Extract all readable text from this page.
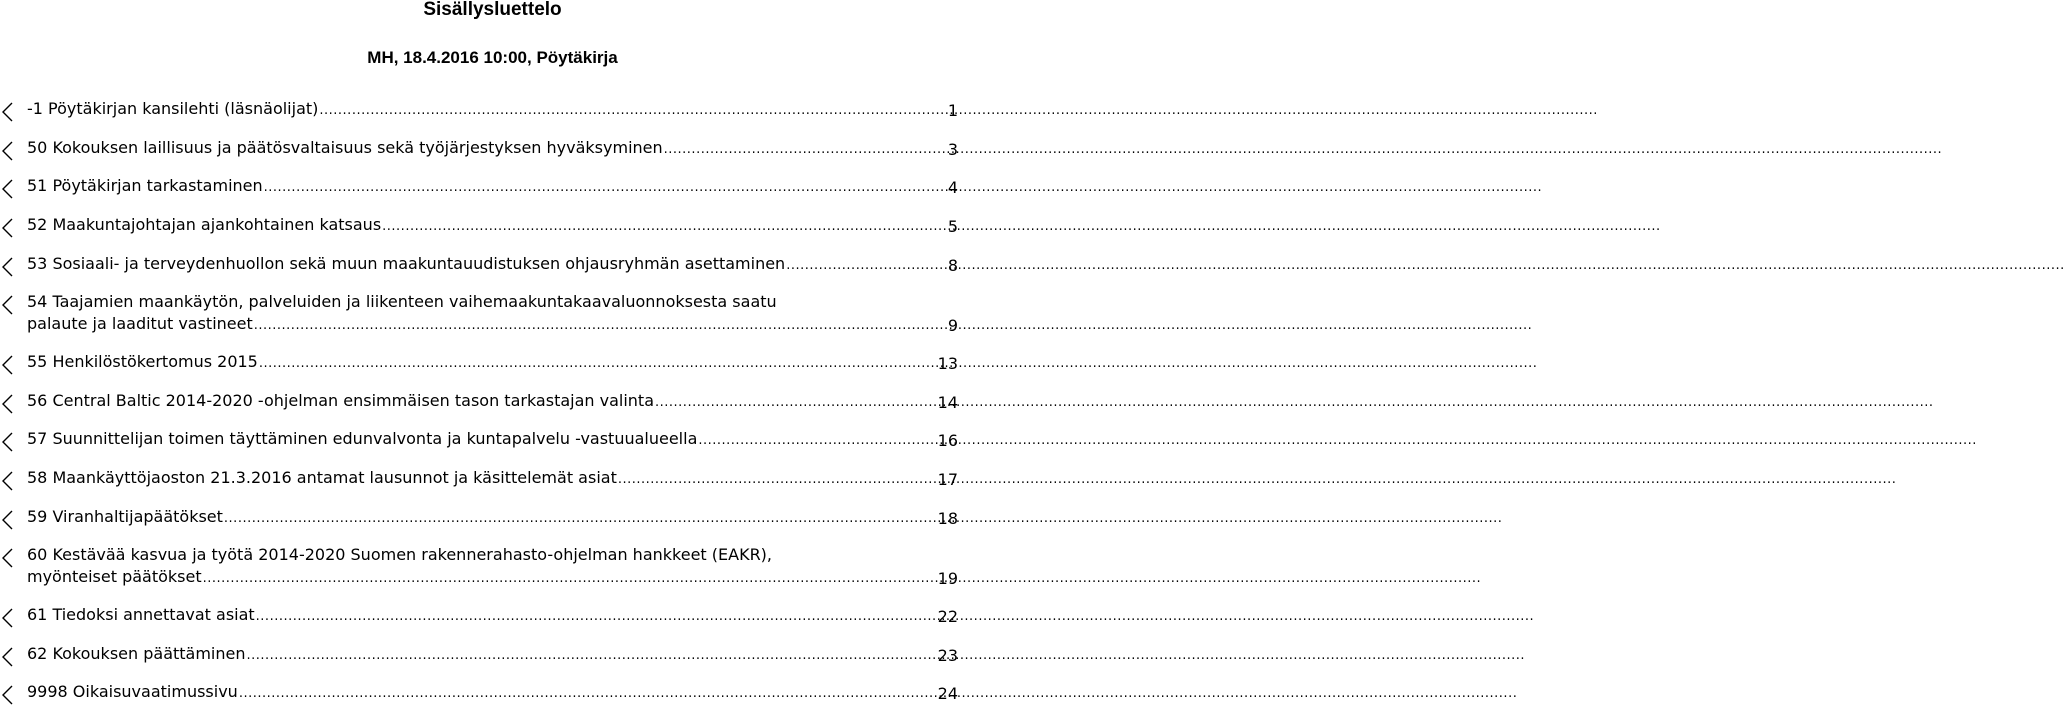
Sisällysluettelo
MH, 18.4.2016 10:00, Pöytäkirja
-1 Pöytäkirjan kansilehti (läsnäolijat) .....	1
50 Kokouksen laillisuus ja päätösvaltaisuus sekä työjärjestyksen hyväksyminen .....	3
51 Pöytäkirjan tarkastaminen .....	4
52 Maakuntajohtajan ajankohtainen katsaus .....	5
53 Sosiaali- ja terveydenhuollon sekä muun maakuntauudistuksen ohjausryhmän asettaminen .....	8
54 Taajamien maankäytön, palveluiden ja liikenteen vaihemaakuntakaavaluonnoksesta saatu
palaute ja laaditut vastineet .....	9
55 Henkilöstökertomus 2015 .....	13
56 Central Baltic 2014-2020 -ohjelman ensimmäisen tason tarkastajan valinta .....	14
57 Suunnittelijan toimen täyttäminen edunvalvonta ja kuntapalvelu -vastuualueella .....	16
58 Maankäyttöjaoston 21.3.2016 antamat lausunnot ja käsittelemät asiat .....	17
59 Viranhaltijapäätökset .....	18
60 Kestävää kasvua ja työtä 2014-2020 Suomen rakennerahasto-ohjelman hankkeet (EAKR),
myönteiset päätökset .....	19
61 Tiedoksi annettavat asiat .....	22
62 Kokouksen päättäminen .....	23
9998 Oikaisuvaatimussivu .....	24
